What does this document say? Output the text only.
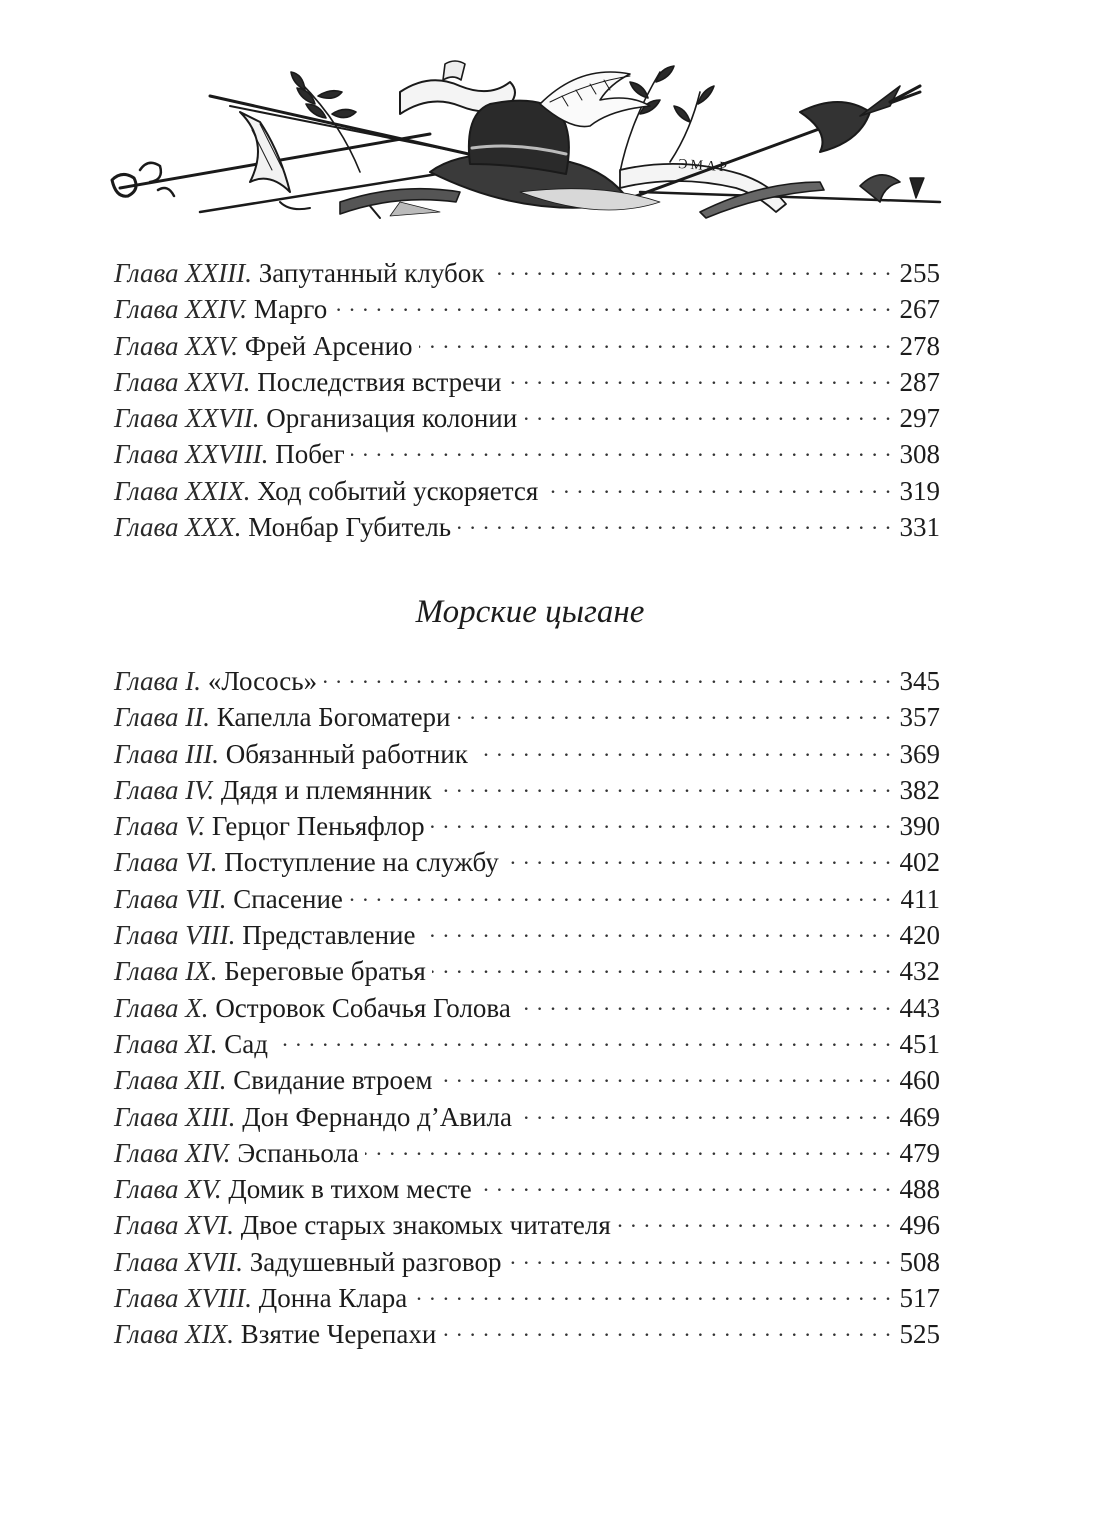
ЭМАР
Глава XXIII. Запутанный клубок . . .	255
Глава XXIV. Марго . . .	267
Глава XXV. Фрей Арсенио . . .	278
Глава XXVI. Последствия встречи . . .	287
Глава XXVII. Организация колонии . . .	297
Глава XXVIII. Побег . . .	308
Глава XXIX. Ход событий ускоряется . . .	319
Глава XXX. Монбар Губитель . . .	331
Морские цыгане
Глава I. «Лосось» . . .	345
Глава II. Капелла Богоматери . . .	357
Глава III. Обязанный работник . . .	369
Глава IV. Дядя и племянник . . .	382
Глава V. Герцог Пеньяфлор . . .	390
Глава VI. Поступление на службу . . .	402
Глава VII. Спасение . . .	411
Глава VIII. Представление . . .	420
Глава IX. Береговые братья . . .	432
Глава X. Островок Собачья Голова . . .	443
Глава XI. Сад . . .	451
Глава XII. Свидание втроем . . .	460
Глава XIII. Дон Фернандо д’Авила . . .	469
Глава XIV. Эспаньола . . .	479
Глава XV. Домик в тихом месте . . .	488
Глава XVI. Двое старых знакомых читателя . . .	496
Глава XVII. Задушевный разговор . . .	508
Глава XVIII. Донна Клара . . .	517
Глава XIX. Взятие Черепахи . . .	525
